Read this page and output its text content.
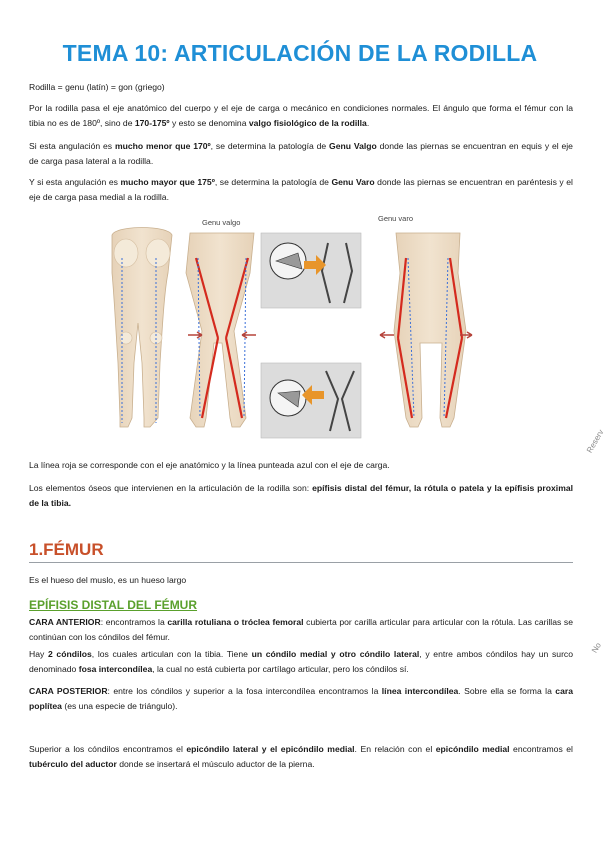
TEMA 10: ARTICULACIÓN DE LA RODILLA
Rodilla = genu (latín) = gon (griego)
Por la rodilla pasa el eje anatómico del cuerpo y el eje de carga o mecánico en condiciones normales. El ángulo que forma el fémur con la tibia no es de 180º, sino de 170-175º y esto se denomina valgo fisiológico de la rodilla.
Si esta angulación es mucho menor que 170º, se determina la patología de Genu Valgo donde las piernas se encuentran en equis y el eje de carga pasa lateral a la rodilla.
Y si esta angulación es mucho mayor que 175º, se determina la patología de Genu Varo donde las piernas se encuentran en paréntesis y el eje de carga pasa medial a la rodilla.
Genu valgo	Genu varo
La línea roja se corresponde con el eje anatómico y la línea punteada azul con el eje de carga.
Los elementos óseos que intervienen en la articulación de la rodilla son: epífisis distal del fémur, la rótula o patela y la epífisis proximal de la tibia.
1.FÉMUR
Es el hueso del muslo, es un hueso largo
EPÍFISIS DISTAL DEL FÉMUR
CARA ANTERIOR: encontramos la carilla rotuliana o tróclea femoral cubierta por carilla articular para articular con la rótula. Las carillas se continúan con los cóndilos del fémur.
Hay 2 cóndilos, los cuales articulan con la tibia. Tiene un cóndilo medial y otro cóndilo lateral, y entre ambos cóndilos hay un surco denominado fosa intercondílea, la cual no está cubierta por cartílago articular, pero los cóndilos sí.
CARA POSTERIOR: entre los cóndilos y superior a la fosa intercondílea encontramos la línea intercondílea. Sobre ella se forma la cara poplítea (es una especie de triángulo).
Superior a los cóndilos encontramos el epicóndilo lateral y el epicóndilo medial. En relación con el epicóndilo medial encontramos el tubérculo del aductor donde se insertará el músculo aductor de la pierna.
Reserv
No
